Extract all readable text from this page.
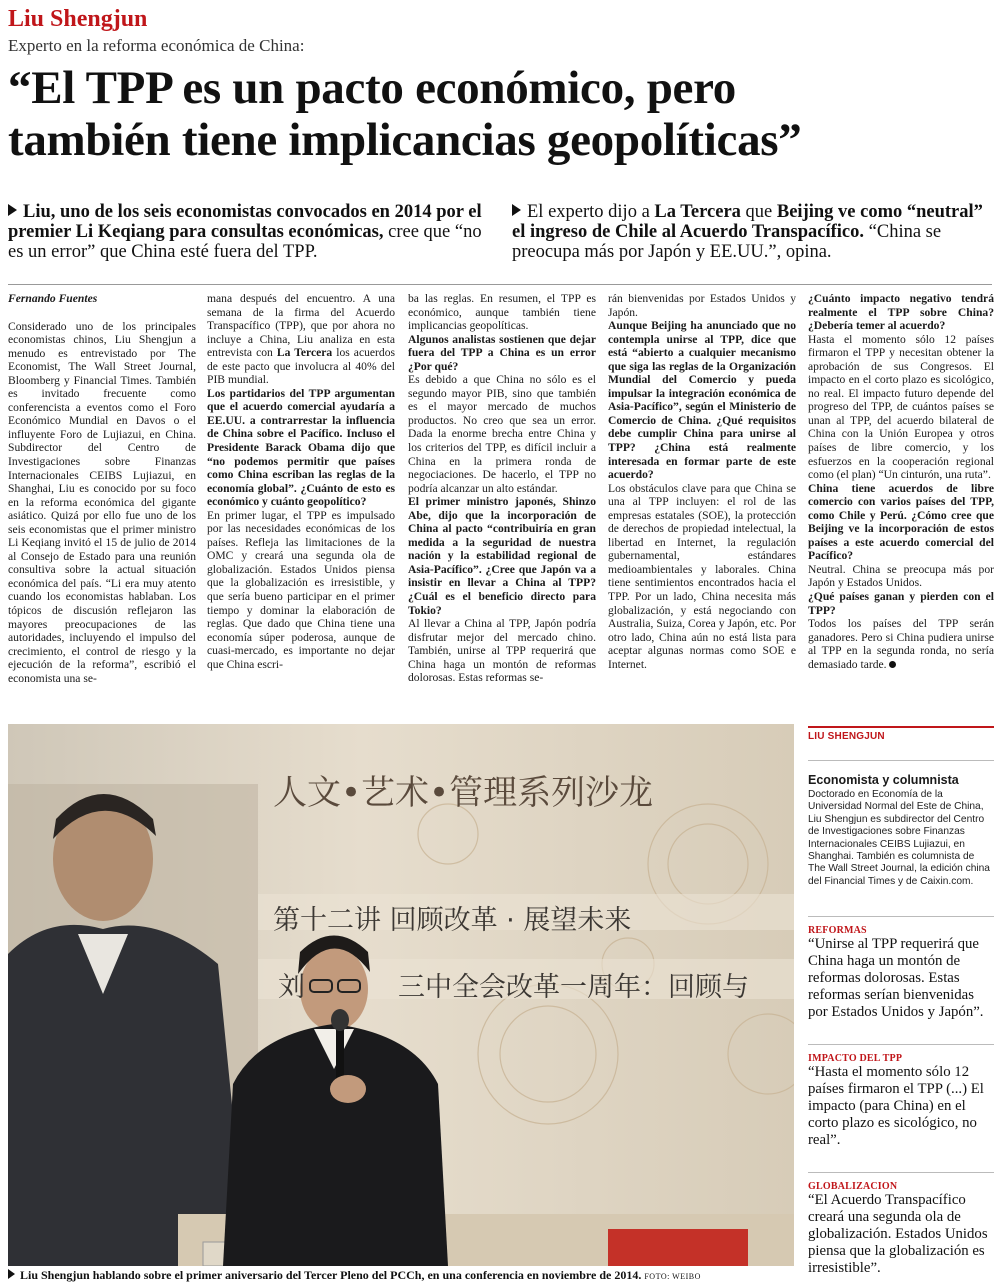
Liu Shengjun
Experto en la reforma económica de China:
“El TPP es un pacto económico, pero
también tiene implicancias geopolíticas”
Liu, uno de los seis economistas convocados en 2014 por el premier Li Keqiang para consultas económicas, cree que “no es un error” que China esté fuera del TPP.
El experto dijo a La Tercera que Beijing ve como “neutral” el ingreso de Chile al Acuerdo Transpacífico. “China se preocupa más por Japón y EE.UU.”, opina.

Fernando Fuentes

Considerado uno de los principales economistas chinos, Liu Shengjun a menudo es entrevistado por The Economist, The Wall Street Journal, Bloomberg y Financial Times. También es invitado frecuente como conferencista a eventos como el Foro Económico Mundial en Davos o el influyente Foro de Lujiazui, en China. Subdirector del Centro de Investigaciones sobre Finanzas Internacionales CEIBS Lujiazui, en Shanghai, Liu es conocido por su foco en la reforma económica del gigante asiático. Quizá por ello fue uno de los seis economistas que el primer ministro Li Keqiang invitó el 15 de julio de 2014 al Consejo de Estado para una reunión consultiva sobre la actual situación económica del país. “Li era muy atento cuando los economistas hablaban. Los tópicos de discusión reflejaron las mayores preocupaciones de las autoridades, incluyendo el impulso del crecimiento, el control de riesgo y la ejecución de la reforma”, escribió el economista una se-

mana después del encuentro. A una semana de la firma del Acuerdo Transpacífico (TPP), que por ahora no incluye a China, Liu analiza en esta entrevista con La Tercera los acuerdos de este pacto que involucra al 40% del PIB mundial.

Los partidarios del TPP argumentan que el acuerdo comercial ayudaría a EE.UU. a contrarrestar la influencia de China sobre el Pacífico. Incluso el Presidente Barack Obama dijo que “no podemos permitir que países como China escriban las reglas de la economía global”. ¿Cuánto de esto es económico y cuánto geopolítico?

En primer lugar, el TPP es impulsado por las necesidades económicas de los países. Refleja las limitaciones de la OMC y creará una segunda ola de globalización. Estados Unidos piensa que la globalización es irresistible, y que sería bueno participar en el primer tiempo y dominar la elaboración de reglas. Que dado que China tiene una economía súper poderosa, aunque de cuasi-mercado, es importante no dejar que China escri-

ba las reglas. En resumen, el TPP es económico, aunque también tiene implicancias geopolíticas.

Algunos analistas sostienen que dejar fuera del TPP a China es un error ¿Por qué?

Es debido a que China no sólo es el segundo mayor PIB, sino que también es el mayor mercado de muchos productos. No creo que sea un error. Dada la enorme brecha entre China y los criterios del TPP, es difícil incluir a China en la primera ronda de negociaciones. De hacerlo, el TPP no podría alcanzar un alto estándar.

El primer ministro japonés, Shinzo Abe, dijo que la incorporación de China al pacto “contribuiría en gran medida a la seguridad de nuestra nación y la estabilidad regional de Asia-Pacífico”. ¿Cree que Japón va a insistir en llevar a China al TPP? ¿Cuál es el beneficio directo para Tokio?

Al llevar a China al TPP, Japón podría disfrutar mejor del mercado chino. También, unirse al TPP requerirá que China haga un montón de reformas dolorosas. Estas reformas se-

rán bienvenidas por Estados Unidos y Japón.

Aunque Beijing ha anunciado que no contempla unirse al TPP, dice que está “abierto a cualquier mecanismo que siga las reglas de la Organización Mundial del Comercio y pueda impulsar la integración económica de Asia-Pacífico”, según el Ministerio de Comercio de China. ¿Qué requisitos debe cumplir China para unirse al TPP? ¿China está realmente interesada en formar parte de este acuerdo?

Los obstáculos clave para que China se una al TPP incluyen: el rol de las empresas estatales (SOE), la protección de derechos de propiedad intelectual, la libertad en Internet, la regulación gubernamental, estándares medioambientales y laborales. China tiene sentimientos encontrados hacia el TPP. Por un lado, China necesita más globalización, y está negociando con Australia, Suiza, Corea y Japón, etc. Por otro lado, China aún no está lista para aceptar algunas normas como SOE e Internet.

¿Cuánto impacto negativo tendrá realmente el TPP sobre China? ¿Debería temer al acuerdo?

Hasta el momento sólo 12 países firmaron el TPP y necesitan obtener la aprobación de sus Congresos. El impacto en el corto plazo es sicológico, no real. El impacto futuro depende del progreso del TPP, de cuántos países se unan al TPP, del acuerdo bilateral de China con la Unión Europea y otros países de libre comercio, y los esfuerzos en la cooperación regional como (el plan) “Un cinturón, una ruta”.

China tiene acuerdos de libre comercio con varios países del TPP, como Chile y Perú. ¿Cómo cree que Beijing ve la incorporación de estos países a este acuerdo comercial del Pacífico?

Neutral. China se preocupa más por Japón y Estados Unidos.

¿Qué países ganan y pierden con el TPP?

Todos los países del TPP serán ganadores. Pero si China pudiera unirse al TPP en la segunda ronda, no sería demasiado tarde.

人文•艺术•管理系列沙龙
第十二讲 回顾改革 · 展望未来
刘	三中全会改革一周年：回顾与
Liu Shengjun hablando sobre el primer aniversario del Tercer Pleno del PCCh, en una conferencia en noviembre de 2014. FOTO: WEIBO
LIU SHENGJUN
Economista y columnista
Doctorado en Economía de la Universidad Normal del Este de China, Liu Shengjun es subdirector del Centro de Investigaciones sobre Finanzas Internacionales CEIBS Lujiazui, en Shanghai. También es columnista de The Wall Street Journal, la edición china del Financial Times y de Caixin.com.
REFORMAS
“Unirse al TPP requerirá que China haga un montón de reformas dolorosas. Estas reformas serían bienvenidas por Estados Unidos y Japón”.
IMPACTO DEL TPP
“Hasta el momento sólo 12 países firmaron el TPP (...) El impacto (para China) en el corto plazo es sicológico, no real”.
GLOBALIZACION
“El Acuerdo Transpacífico creará una segunda ola de globalización. Estados Unidos piensa que la globalización es irresistible”.
